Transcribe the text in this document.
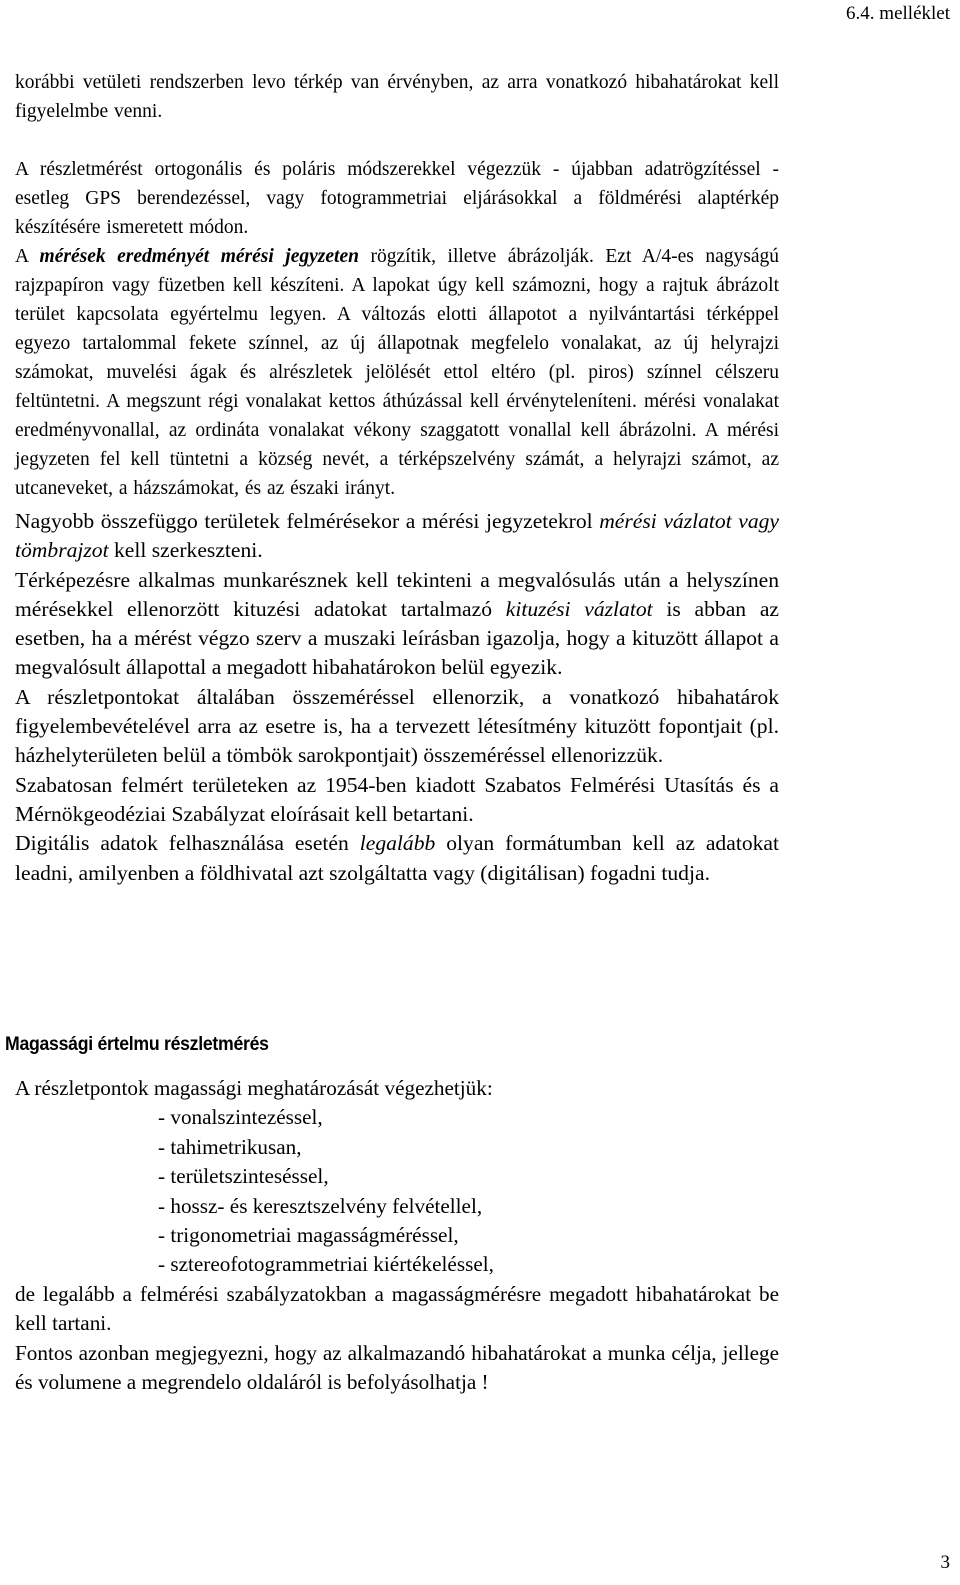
6.4. melléklet

korábbi vetületi rendszerben levo térkép van érvényben, az arra vonatkozó hibahatárokat kell figyelelmbe venni.

A részletmérést ortogonális és poláris módszerekkel végezzük - újabban adatrögzítéssel - esetleg GPS berendezéssel, vagy fotogrammetriai eljárásokkal a földmérési alaptérkép készítésére ismeretett módon.

A mérések eredményét mérési jegyzeten rögzítik, illetve ábrázolják. Ezt A/4-es nagyságú rajzpapíron vagy füzetben kell készíteni. A lapokat úgy kell számozni, hogy a rajtuk ábrázolt terület kapcsolata egyértelmu legyen. A változás elotti állapotot a nyilvántartási térképpel egyezo tartalommal fekete színnel, az új állapotnak megfelelo vonalakat, az új helyrajzi számokat, muvelési ágak és alrészletek jelölését ettol eltéro (pl. piros) színnel célszeru feltüntetni. A megszunt régi vonalakat kettos áthúzással kell érvényteleníteni. mérési vonalakat eredményvonallal, az ordináta vonalakat vékony szaggatott vonallal kell ábrázolni. A mérési jegyzeten fel kell tüntetni a község nevét, a térképszelvény számát, a helyrajzi számot, az utcaneveket, a házszámokat, és az északi irányt.

Nagyobb összefüggo területek felmérésekor a mérési jegyzetekrol mérési vázlatot vagy tömbrajzot kell szerkeszteni.

Térképezésre alkalmas munkarésznek kell tekinteni a megvalósulás után a helyszínen mérésekkel ellenorzött kituzési adatokat tartalmazó kituzési vázlatot is abban az esetben, ha a mérést végzo szerv a muszaki leírásban igazolja, hogy a kituzött állapot a megvalósult állapottal a megadott hibahatárokon belül egyezik.

A részletpontokat általában összeméréssel ellenorzik, a vonatkozó hibahatárok figyelembevételével arra az esetre is, ha a tervezett létesítmény kituzött fopontjait (pl. házhelyterületen belül a tömbök sarokpontjait) összeméréssel ellenorizzük.

Szabatosan felmért területeken az 1954-ben kiadott Szabatos Felmérési Utasítás és a Mérnökgeodéziai Szabályzat eloírásait kell betartani.

Digitális adatok felhasználása esetén legalább olyan formátumban kell az adatokat leadni, amilyenben a földhivatal azt szolgáltatta vagy (digitálisan) fogadni tudja.

Magassági értelmu részletmérés

A részletpontok magassági meghatározását végezhetjük:

- vonalszintezéssel,
- tahimetrikusan,
- területszinteséssel,
- hossz- és keresztszelvény felvétellel,
- trigonometriai magasságméréssel,
- sztereofotogrammetriai kiértékeléssel,

de legalább a felmérési szabályzatokban a magasságmérésre megadott hibahatárokat be kell tartani.

Fontos azonban megjegyezni, hogy az alkalmazandó hibahatárokat a munka célja, jellege és volumene a megrendelo oldaláról is befolyásolhatja !

3
